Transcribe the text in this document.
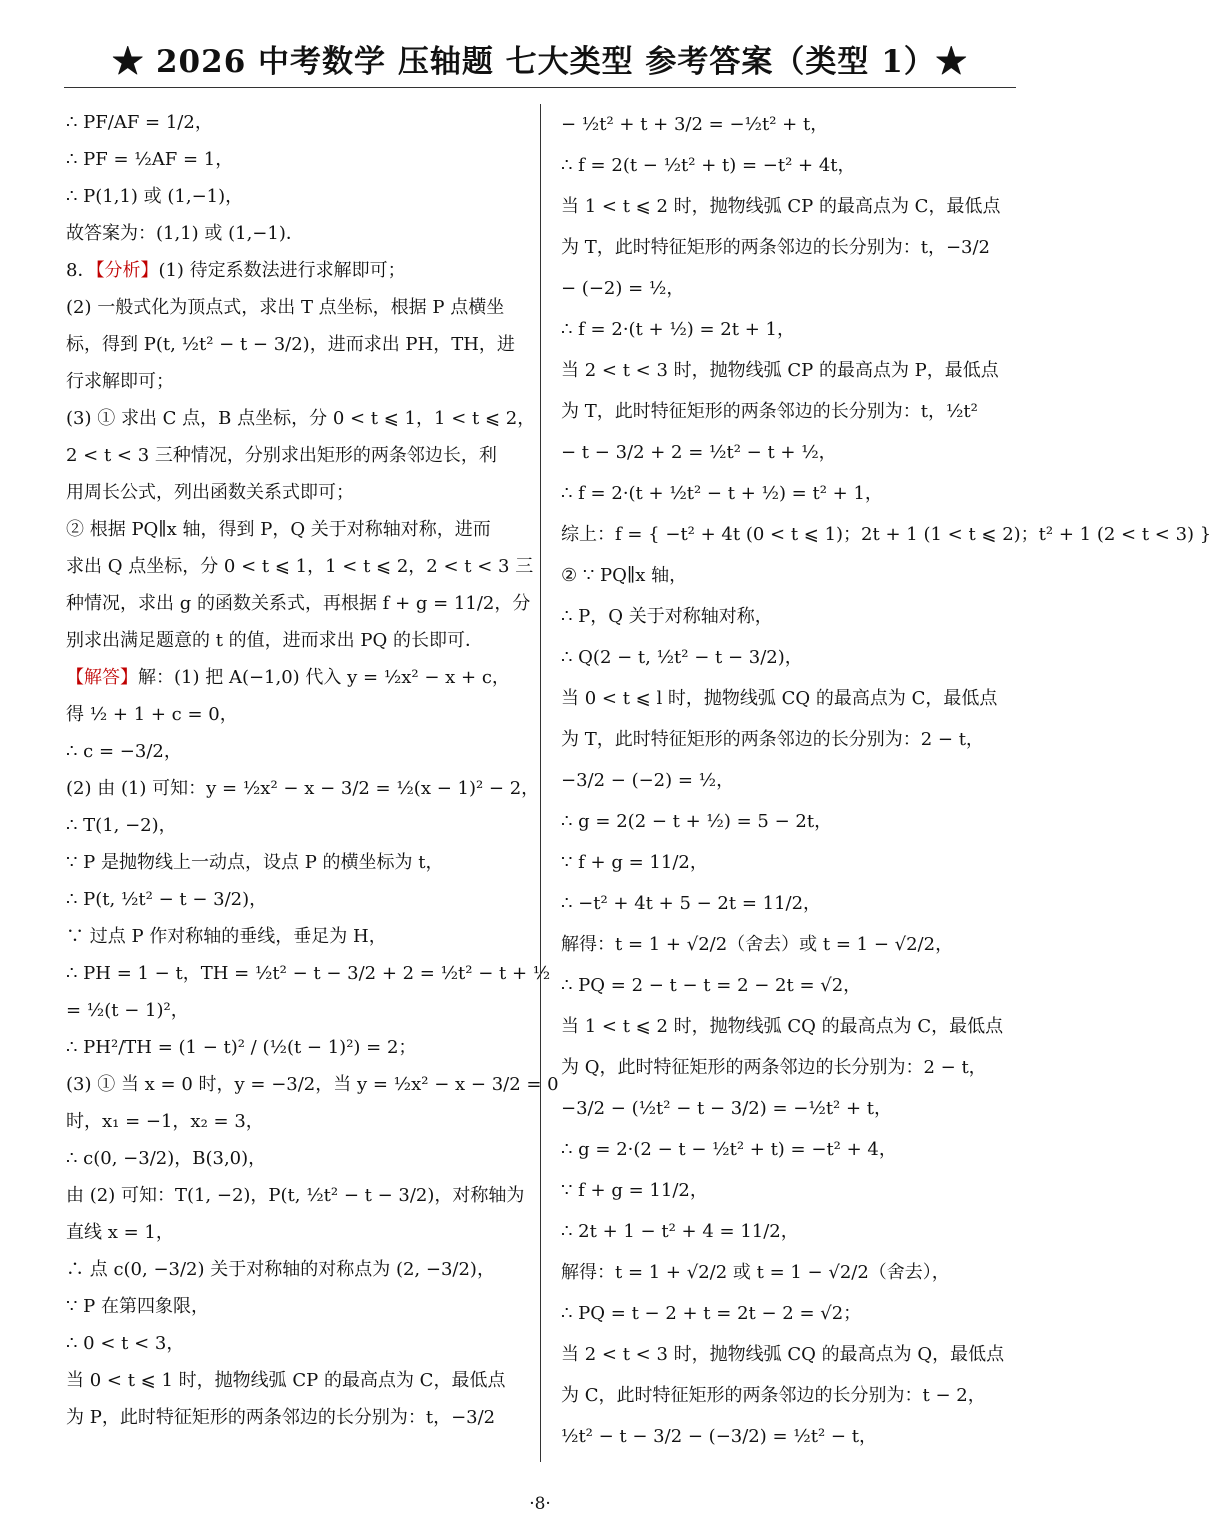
★ 2026 中考数学 压轴题 七大类型 参考答案（类型 1）★
∴ PF/AF = 1/2，
∴ PF = ½AF = 1，
∴ P(1,1) 或 (1,−1)，
故答案为：(1,1) 或 (1,−1)．
8．【分析】(1) 待定系数法进行求解即可；
(2) 一般式化为顶点式，求出 T 点坐标，根据 P 点横坐
标，得到 P(t, ½t² − t − 3/2)，进而求出 PH，TH，进
行求解即可；
(3) ① 求出 C 点，B 点坐标，分 0 < t ⩽ 1，1 < t ⩽ 2，
2 < t < 3 三种情况，分别求出矩形的两条邻边长，利
用周长公式，列出函数关系式即可；
② 根据 PQ∥x 轴，得到 P，Q 关于对称轴对称，进而
求出 Q 点坐标，分 0 < t ⩽ 1，1 < t ⩽ 2，2 < t < 3 三
种情况，求出 g 的函数关系式，再根据 f + g = 11/2，分
别求出满足题意的 t 的值，进而求出 PQ 的长即可．
【解答】解：(1) 把 A(−1,0) 代入 y = ½x² − x + c，
得 ½ + 1 + c = 0，
∴ c = −3/2，
(2) 由 (1) 可知：y = ½x² − x − 3/2 = ½(x − 1)² − 2，
∴ T(1, −2)，
∵ P 是抛物线上一动点，设点 P 的横坐标为 t，
∴ P(t, ½t² − t − 3/2)，
∵ 过点 P 作对称轴的垂线，垂足为 H，
∴ PH = 1 − t，TH = ½t² − t − 3/2 + 2 = ½t² − t + ½
= ½(t − 1)²，
∴ PH²/TH = (1 − t)² / (½(t − 1)²) = 2；
(3) ① 当 x = 0 时，y = −3/2，当 y = ½x² − x − 3/2 = 0
时，x₁ = −1，x₂ = 3，
∴ c(0, −3/2)，B(3,0)，
由 (2) 可知：T(1, −2)，P(t, ½t² − t − 3/2)，对称轴为
直线 x = 1，
∴ 点 c(0, −3/2) 关于对称轴的对称点为 (2, −3/2)，
∵ P 在第四象限，
∴ 0 < t < 3，
当 0 < t ⩽ 1 时，抛物线弧 CP 的最高点为 C，最低点
为 P，此时特征矩形的两条邻边的长分别为：t，−3/2
− ½t² + t + 3/2 = −½t² + t，
∴ f = 2(t − ½t² + t) = −t² + 4t，
当 1 < t ⩽ 2 时，抛物线弧 CP 的最高点为 C，最低点
为 T，此时特征矩形的两条邻边的长分别为：t，−3/2
− (−2) = ½，
∴ f = 2·(t + ½) = 2t + 1，
当 2 < t < 3 时，抛物线弧 CP 的最高点为 P，最低点
为 T，此时特征矩形的两条邻边的长分别为：t，½t²
− t − 3/2 + 2 = ½t² − t + ½，
∴ f = 2·(t + ½t² − t + ½) = t² + 1，
综上：f = { −t² + 4t (0 < t ⩽ 1)；2t + 1 (1 < t ⩽ 2)；t² + 1 (2 < t < 3) }
② ∵ PQ∥x 轴，
∴ P，Q 关于对称轴对称，
∴ Q(2 − t, ½t² − t − 3/2)，
当 0 < t ⩽ l 时，抛物线弧 CQ 的最高点为 C，最低点
为 T，此时特征矩形的两条邻边的长分别为：2 − t，
−3/2 − (−2) = ½，
∴ g = 2(2 − t + ½) = 5 − 2t，
∵ f + g = 11/2，
∴ −t² + 4t + 5 − 2t = 11/2，
解得：t = 1 + √2/2（舍去）或 t = 1 − √2/2，
∴ PQ = 2 − t − t = 2 − 2t = √2，
当 1 < t ⩽ 2 时，抛物线弧 CQ 的最高点为 C，最低点
为 Q，此时特征矩形的两条邻边的长分别为：2 − t，
−3/2 − (½t² − t − 3/2) = −½t² + t，
∴ g = 2·(2 − t − ½t² + t) = −t² + 4，
∵ f + g = 11/2，
∴ 2t + 1 − t² + 4 = 11/2，
解得：t = 1 + √2/2 或 t = 1 − √2/2（舍去），
∴ PQ = t − 2 + t = 2t − 2 = √2；
当 2 < t < 3 时，抛物线弧 CQ 的最高点为 Q，最低点
为 C，此时特征矩形的两条邻边的长分别为：t − 2，
½t² − t − 3/2 − (−3/2) = ½t² − t，
·8·
